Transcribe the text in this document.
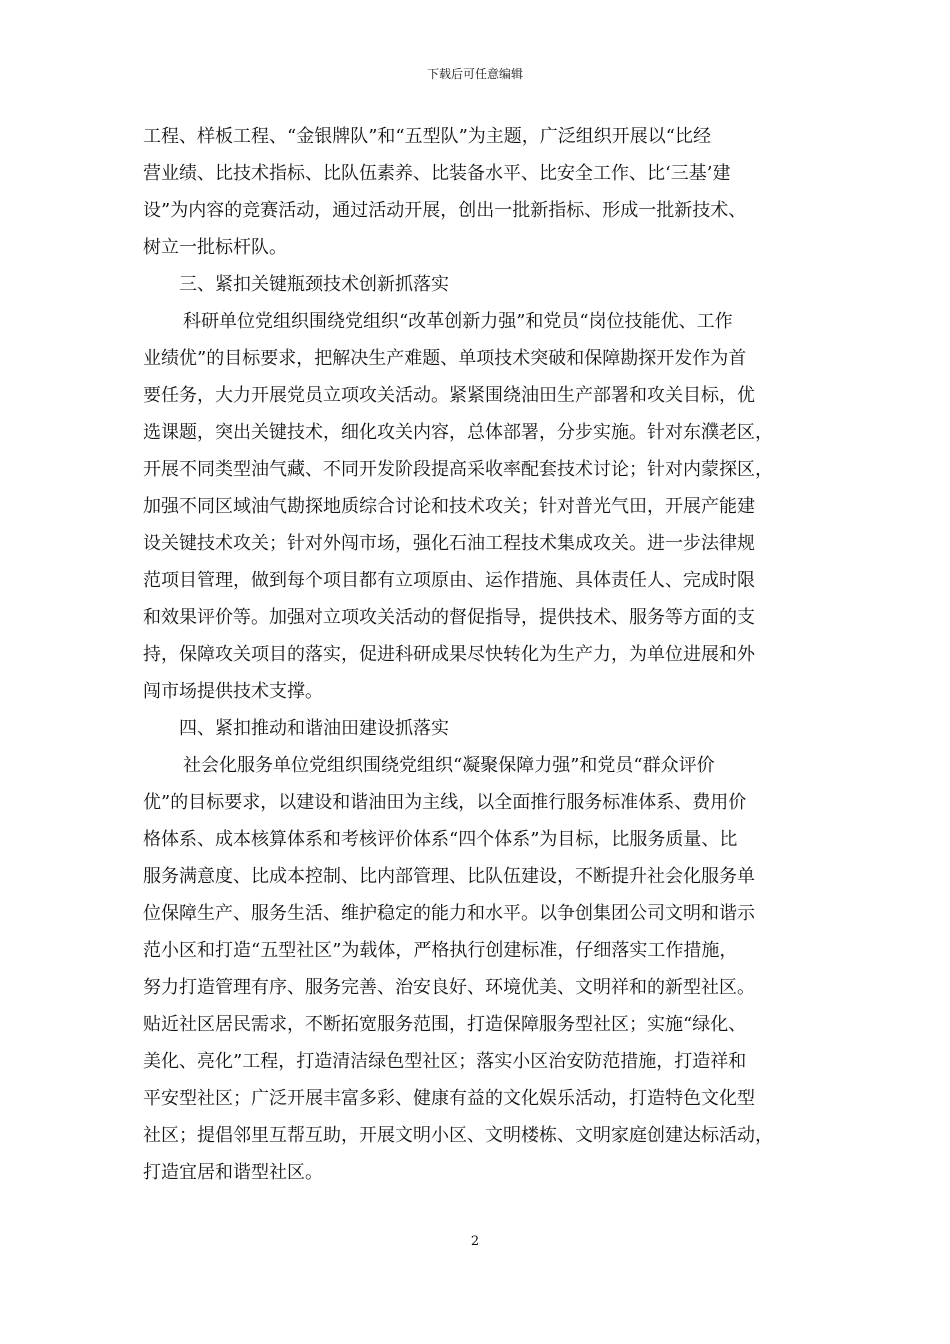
下载后可任意编辑
工程、样板工程、“金银牌队”和“五型队”为主题，广泛组织开展以“比经
营业绩、比技术指标、比队伍素养、比装备水平、比安全工作、比‘三基’建
设”为内容的竞赛活动，通过活动开展，创出一批新指标、形成一批新技术、
树立一批标杆队。
三、紧扣关键瓶颈技术创新抓落实
科研单位党组织围绕党组织“改革创新力强”和党员“岗位技能优、工作
业绩优”的目标要求，把解决生产难题、单项技术突破和保障勘探开发作为首
要任务，大力开展党员立项攻关活动。紧紧围绕油田生产部署和攻关目标，优
选课题，突出关键技术，细化攻关内容，总体部署，分步实施。针对东濮老区，
开展不同类型油气藏、不同开发阶段提高采收率配套技术讨论；针对内蒙探区，
加强不同区域油气勘探地质综合讨论和技术攻关；针对普光气田，开展产能建
设关键技术攻关；针对外闯市场，强化石油工程技术集成攻关。进一步法律规
范项目管理，做到每个项目都有立项原由、运作措施、具体责任人、完成时限
和效果评价等。加强对立项攻关活动的督促指导，提供技术、服务等方面的支
持，保障攻关项目的落实，促进科研成果尽快转化为生产力，为单位进展和外
闯市场提供技术支撑。
四、紧扣推动和谐油田建设抓落实
社会化服务单位党组织围绕党组织“凝聚保障力强”和党员“群众评价
优”的目标要求，以建设和谐油田为主线，以全面推行服务标准体系、费用价
格体系、成本核算体系和考核评价体系“四个体系”为目标，比服务质量、比
服务满意度、比成本控制、比内部管理、比队伍建设，不断提升社会化服务单
位保障生产、服务生活、维护稳定的能力和水平。以争创集团公司文明和谐示
范小区和打造“五型社区”为载体，严格执行创建标准，仔细落实工作措施，
努力打造管理有序、服务完善、治安良好、环境优美、文明祥和的新型社区。
贴近社区居民需求，不断拓宽服务范围，打造保障服务型社区；实施“绿化、
美化、亮化”工程，打造清洁绿色型社区；落实小区治安防范措施，打造祥和
平安型社区；广泛开展丰富多彩、健康有益的文化娱乐活动，打造特色文化型
社区；提倡邻里互帮互助，开展文明小区、文明楼栋、文明家庭创建达标活动，
打造宜居和谐型社区。
2
